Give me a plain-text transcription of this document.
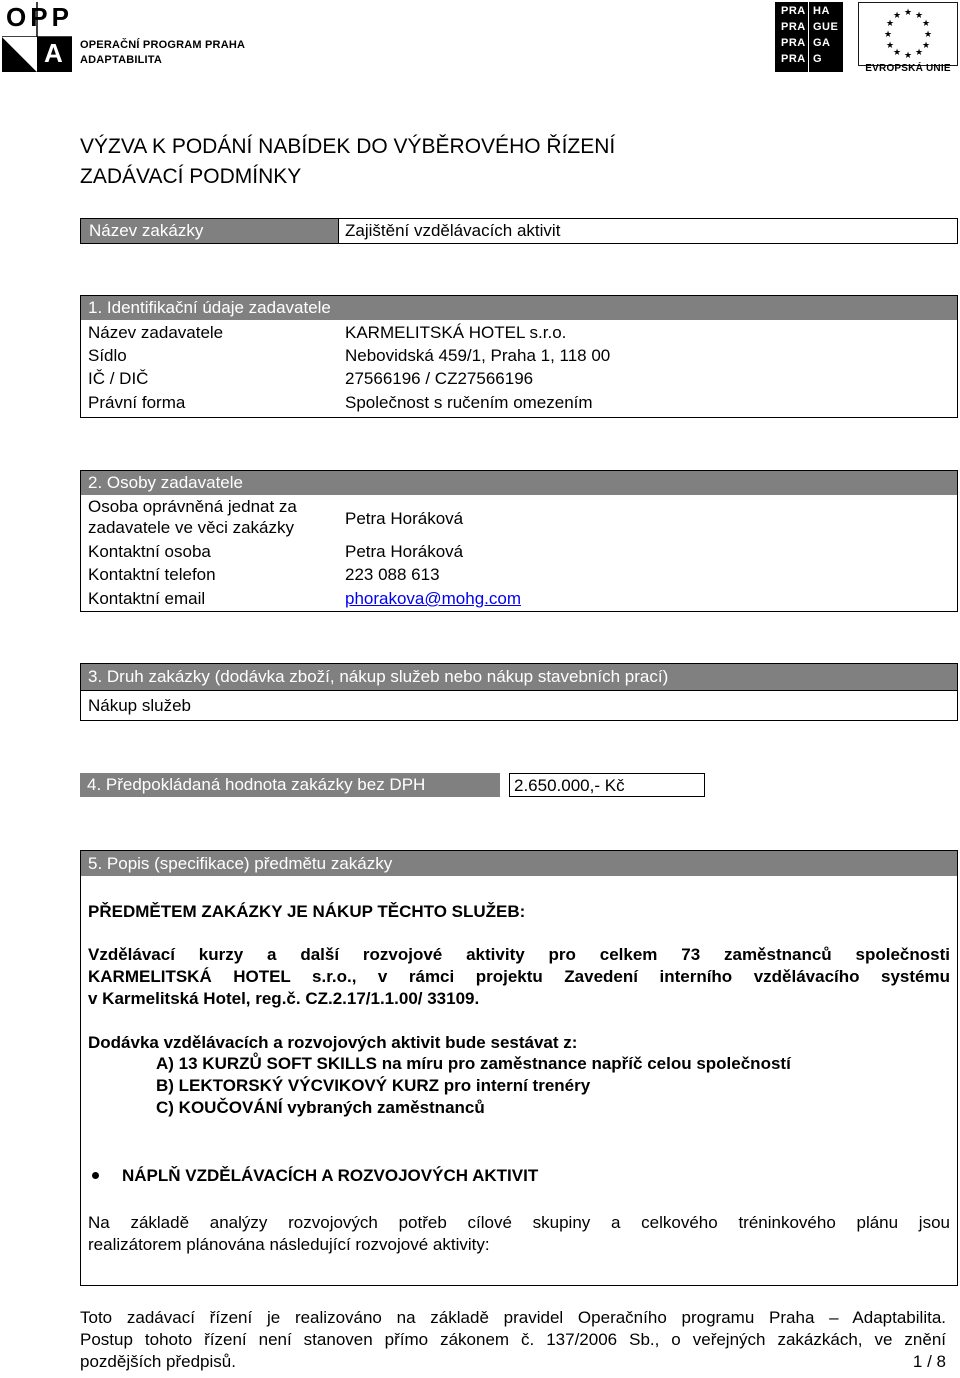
OPP
A OPERAČNÍ PROGRAM PRAHA
ADAPTABILITA
PRA HA
PRA GUE
PRA GA
PRA G
★ ★
★
★
★
★
★
★
★
★
★
★
EVROPSKÁ UNIE
VÝZVA K PODÁNÍ NABÍDEK DO VÝBĚROVÉHO ŘÍZENÍ
ZADÁVACÍ PODMÍNKY
Název zakázky	Zajištění vzdělávacích aktivit
1. Identifikační údaje zadavatele
Název zadavatele	KARMELITSKÁ HOTEL s.r.o.
Sídlo	Nebovidská 459/1, Praha 1, 118 00
IČ / DIČ	27566196 / CZ27566196
Právní forma	Společnost s ručením omezením
2. Osoby zadavatele
Osoba oprávněná jednat za
zadavatele ve věci zakázky	Petra Horáková
Kontaktní osoba	Petra Horáková
Kontaktní telefon	223 088 613
Kontaktní email	phorakova@mohg.com
3. Druh zakázky (dodávka zboží, nákup služeb nebo nákup stavebních prací)
Nákup služeb
4. Předpokládaná hodnota zakázky bez DPH	2.650.000,- Kč
5. Popis (specifikace) předmětu zakázky
PŘEDMĚTEM ZAKÁZKY JE NÁKUP TĚCHTO SLUŽEB:
Vzdělávací kurzy a další rozvojové aktivity pro celkem 73 zaměstnanců společnosti
KARMELITSKÁ HOTEL s.r.o., v rámci projektu Zavedení interního vzdělávacího systému
v Karmelitská Hotel, reg.č. CZ.2.17/1.1.00/ 33109.
Dodávka vzdělávacích a rozvojových aktivit bude sestávat z:
A) 13 KURZŮ SOFT SKILLS na míru pro zaměstnance napříč celou společností
B) LEKTORSKÝ VÝCVIKOVÝ KURZ pro interní trenéry
C) KOUČOVÁNÍ vybraných zaměstnanců
NÁPLŇ VZDĚLÁVACÍCH A ROZVOJOVÝCH AKTIVIT
Na základě analýzy rozvojových potřeb cílové skupiny a celkového tréninkového plánu jsou
realizátorem plánována následující rozvojové aktivity:
Toto zadávací řízení je realizováno na základě pravidel Operačního programu Praha – Adaptabilita.
Postup tohoto řízení není stanoven přímo zákonem č. 137/2006 Sb., o veřejných zakázkách, ve znění
pozdějších předpisů.	1 / 8
